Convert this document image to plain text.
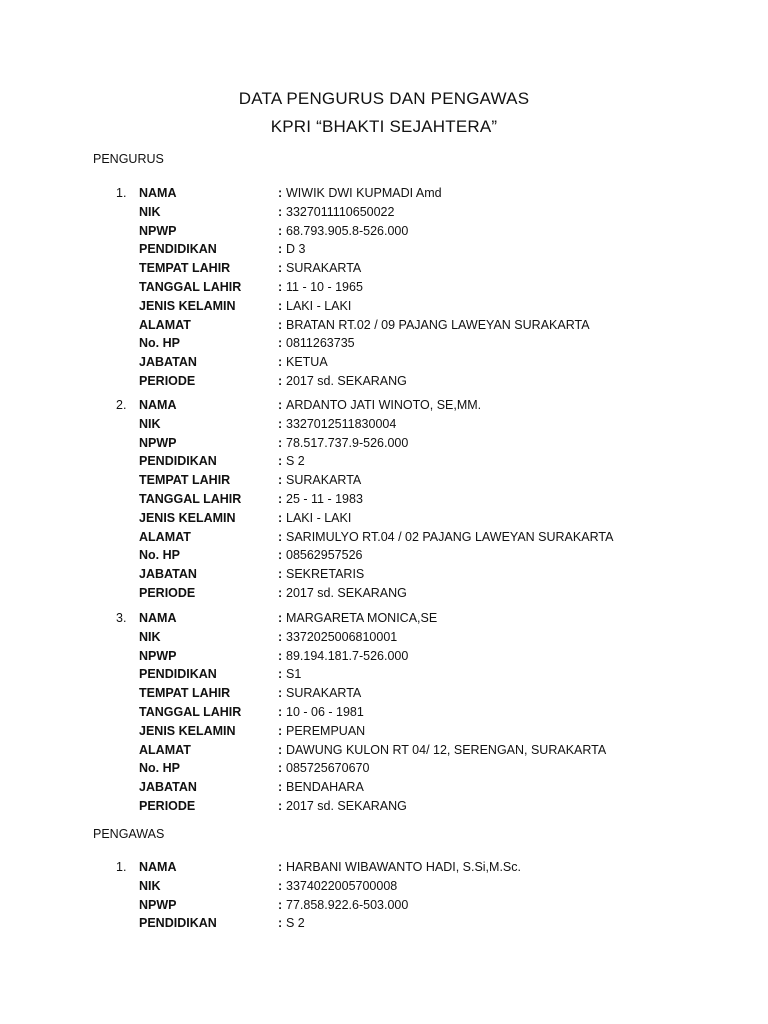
DATA PENGURUS DAN PENGAWAS
KPRI “BHAKTI SEJAHTERA”
PENGURUS
1.	NAMA	: WIWIK DWI KUPMADI Amd
NIK	: 3327011110650022
NPWP	: 68.793.905.8-526.000
PENDIDIKAN	: D 3
TEMPAT LAHIR	: SURAKARTA
TANGGAL LAHIR	: 11 - 10 - 1965
JENIS KELAMIN	: LAKI - LAKI
ALAMAT	: BRATAN RT.02 / 09 PAJANG LAWEYAN SURAKARTA
No. HP	: 0811263735
JABATAN	: KETUA
PERIODE	: 2017 sd. SEKARANG
2.	NAMA	: ARDANTO JATI WINOTO, SE,MM.
NIK	: 3327012511830004
NPWP	: 78.517.737.9-526.000
PENDIDIKAN	: S 2
TEMPAT LAHIR	: SURAKARTA
TANGGAL LAHIR	: 25 - 11 - 1983
JENIS KELAMIN	: LAKI - LAKI
ALAMAT	: SARIMULYO RT.04 / 02 PAJANG LAWEYAN SURAKARTA
No. HP	: 08562957526
JABATAN	: SEKRETARIS
PERIODE	: 2017 sd. SEKARANG
3.	NAMA	: MARGARETA MONICA,SE
NIK	: 3372025006810001
NPWP	: 89.194.181.7-526.000
PENDIDIKAN	: S1
TEMPAT LAHIR	: SURAKARTA
TANGGAL LAHIR	: 10 - 06 - 1981
JENIS KELAMIN	: PEREMPUAN
ALAMAT	: DAWUNG KULON RT 04/ 12, SERENGAN, SURAKARTA
No. HP	: 085725670670
JABATAN	: BENDAHARA
PERIODE	: 2017 sd. SEKARANG
PENGAWAS
1.	NAMA	: HARBANI WIBAWANTO HADI, S.Si,M.Sc.
NIK	: 3374022005700008
NPWP	: 77.858.922.6-503.000
PENDIDIKAN	: S 2
